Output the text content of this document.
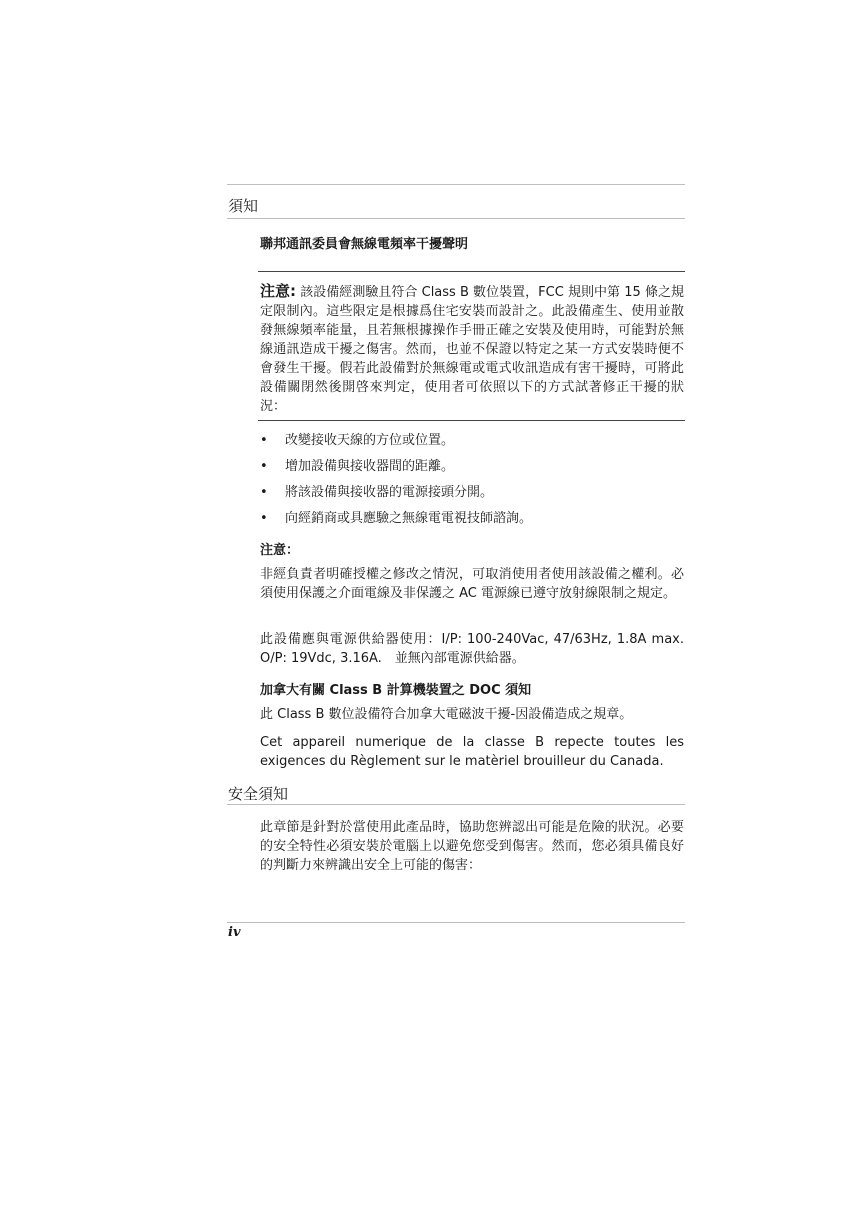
須知
聯邦通訊委員會無線電頻率干擾聲明
注意: 該設備經測驗且符合 Class B 數位裝置，FCC 規則中第 15 條之規定限制內。這些限定是根據爲住宅安裝而設計之。此設備產生、使用並散發無線頻率能量，且若無根據操作手冊正確之安裝及使用時，可能對於無線通訊造成干擾之傷害。然而，也並不保證以特定之某一方式安裝時便不會發生干擾。假若此設備對於無線電或電式收訊造成有害干擾時，可將此設備關閉然後開啓來判定，使用者可依照以下的方式試著修正干擾的狀況：
• 改變接收天線的方位或位置。
• 增加設備與接收器間的距離。
• 將該設備與接收器的電源接頭分開。
• 向經銷商或具應驗之無線電電視技師諮詢。
注意：
非經負責者明確授權之修改之情況，可取消使用者使用該設備之權利。必須使用保護之介面電線及非保護之 AC 電源線已遵守放射線限制之規定。
此設備應與電源供給器使用：I/P: 100-240Vac, 47/63Hz, 1.8A max. O/P: 19Vdc, 3.16A.　並無內部電源供給器。
加拿大有關 Class B 計算機裝置之 DOC 須知
此 Class B 數位設備符合加拿大電磁波干擾-因設備造成之規章。
Cet appareil numerique de la classe B repecte toutes les exigences du Règlement sur le matèriel brouilleur du Canada.
安全須知
此章節是針對於當使用此產品時，協助您辨認出可能是危險的狀況。必要的安全特性必須安裝於電腦上以避免您受到傷害。然而，您必須具備良好的判斷力來辨識出安全上可能的傷害：
iv
